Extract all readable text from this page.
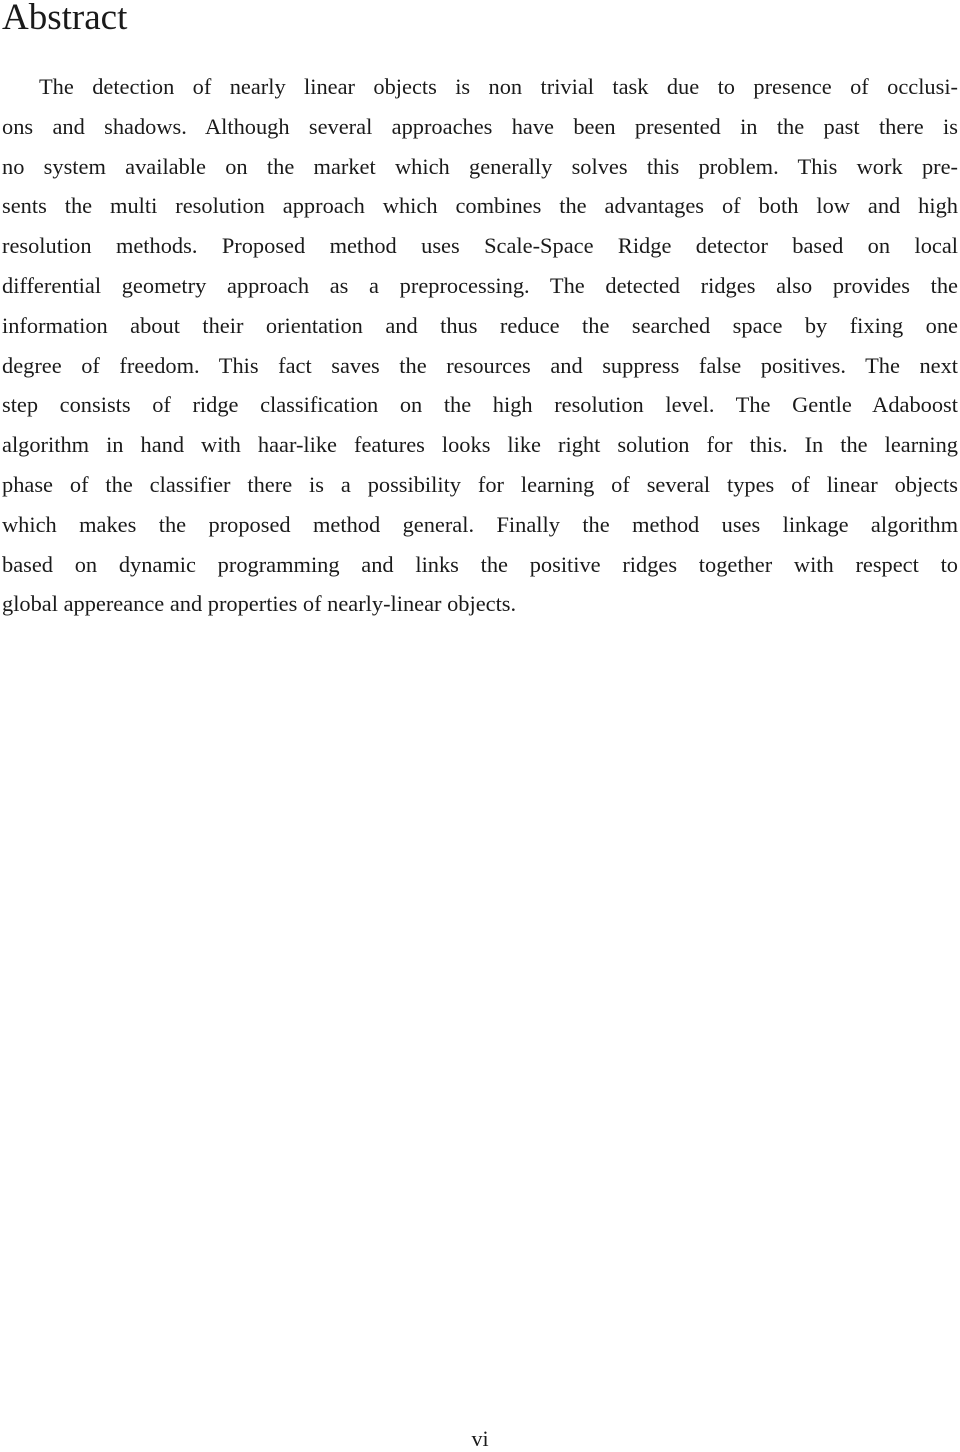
Abstract
The detection of nearly linear objects is non trivial task due to presence of occlusi-
ons and shadows. Although several approaches have been presented in the past there is
no system available on the market which generally solves this problem. This work pre-
sents the multi resolution approach which combines the advantages of both low and high
resolution methods. Proposed method uses Scale-Space Ridge detector based on local
differential geometry approach as a preprocessing. The detected ridges also provides the
information about their orientation and thus reduce the searched space by fixing one
degree of freedom. This fact saves the resources and suppress false positives. The next
step consists of ridge classification on the high resolution level. The Gentle Adaboost
algorithm in hand with haar-like features looks like right solution for this. In the learning
phase of the classifier there is a possibility for learning of several types of linear objects
which makes the proposed method general. Finally the method uses linkage algorithm
based on dynamic programming and links the positive ridges together with respect to
global appereance and properties of nearly-linear objects.
vi
